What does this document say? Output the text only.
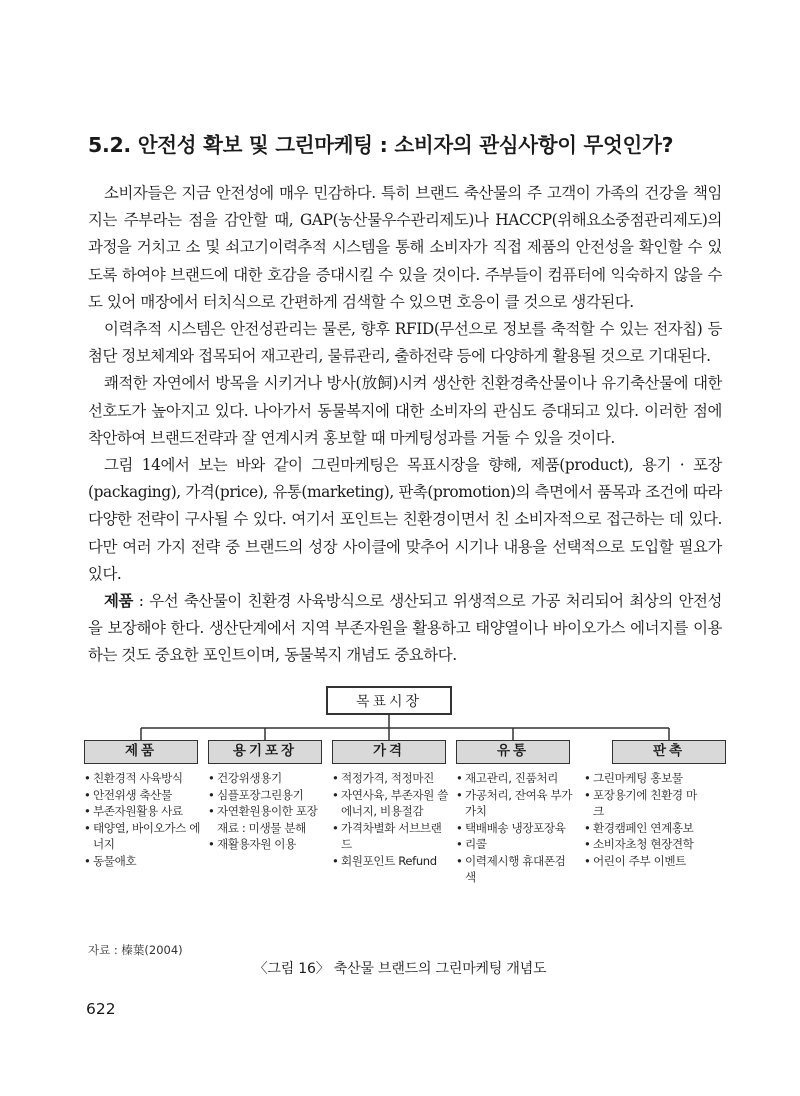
5.2. 안전성 확보 및 그린마케팅 : 소비자의 관심사항이 무엇인가?

소비자들은 지금 안전성에 매우 민감하다. 특히 브랜드 축산물의 주 고객이 가족의 건강을 책임지는 주부라는 점을 감안할 때, GAP(농산물우수관리제도)나 HACCP(위해요소중점관리제도)의 과정을 거치고 소 및 쇠고기이력추적 시스템을 통해 소비자가 직접 제품의 안전성을 확인할 수 있도록 하여야 브랜드에 대한 호감을 증대시킬 수 있을 것이다. 주부들이 컴퓨터에 익숙하지 않을 수도 있어 매장에서 터치식으로 간편하게 검색할 수 있으면 호응이 클 것으로 생각된다.

이력추적 시스템은 안전성관리는 물론, 향후 RFID(무선으로 정보를 축적할 수 있는 전자칩) 등 첨단 정보체계와 접목되어 재고관리, 물류관리, 출하전략 등에 다양하게 활용될 것으로 기대된다.

쾌적한 자연에서 방목을 시키거나 방사(放飼)시켜 생산한 친환경축산물이나 유기축산물에 대한 선호도가 높아지고 있다. 나아가서 동물복지에 대한 소비자의 관심도 증대되고 있다. 이러한 점에 착안하여 브랜드전략과 잘 연계시켜 홍보할 때 마케팅성과를 거둘 수 있을 것이다.

그림 14에서 보는 바와 같이 그린마케팅은 목표시장을 향해, 제품(product), 용기 · 포장(packaging), 가격(price), 유통(marketing), 판촉(promotion)의 측면에서 품목과 조건에 따라 다양한 전략이 구사될 수 있다. 여기서 포인트는 친환경이면서 친 소비자적으로 접근하는 데 있다. 다만 여러 가지 전략 중 브랜드의 성장 사이클에 맞추어 시기나 내용을 선택적으로 도입할 필요가 있다.

제품 : 우선 축산물이 친환경 사육방식으로 생산되고 위생적으로 가공 처리되어 최상의 안전성을 보장해야 한다. 생산단계에서 지역 부존자원을 활용하고 태양열이나 바이오가스 에너지를 이용하는 것도 중요한 포인트이며, 동물복지 개념도 중요하다.

목표시장
제품	용기포장	가격	유통	판촉
• 친환경적 사육방식
• 안전위생 축산물
• 부존자원활용 사료
• 태양열, 바이오가스 에너지
• 동물애호
• 건강위생용기
• 심플포장그린용기
• 자연환원용이한 포장재료 : 미생물 분해
• 재활용자원 이용
• 적정가격, 적정마진
• 자연사육, 부존자원 쓸에너지, 비용절감
• 가격차별화 서브브랜드
• 회원포인트 Refund
• 재고관리, 진품처리
• 가공처리, 잔여육 부가가치
• 택배배송 냉장포장육
• 리콜
• 이력제시행 휴대폰검색
• 그린마케팅 홍보물
• 포장용기에 친환경 마크
• 환경캠페인 연계홍보
• 소비자초청 현장견학
• 어린이 주부 이벤트
자료 : 榛葉(2004)
〈그림 16〉 축산물 브랜드의 그린마케팅 개념도
622
